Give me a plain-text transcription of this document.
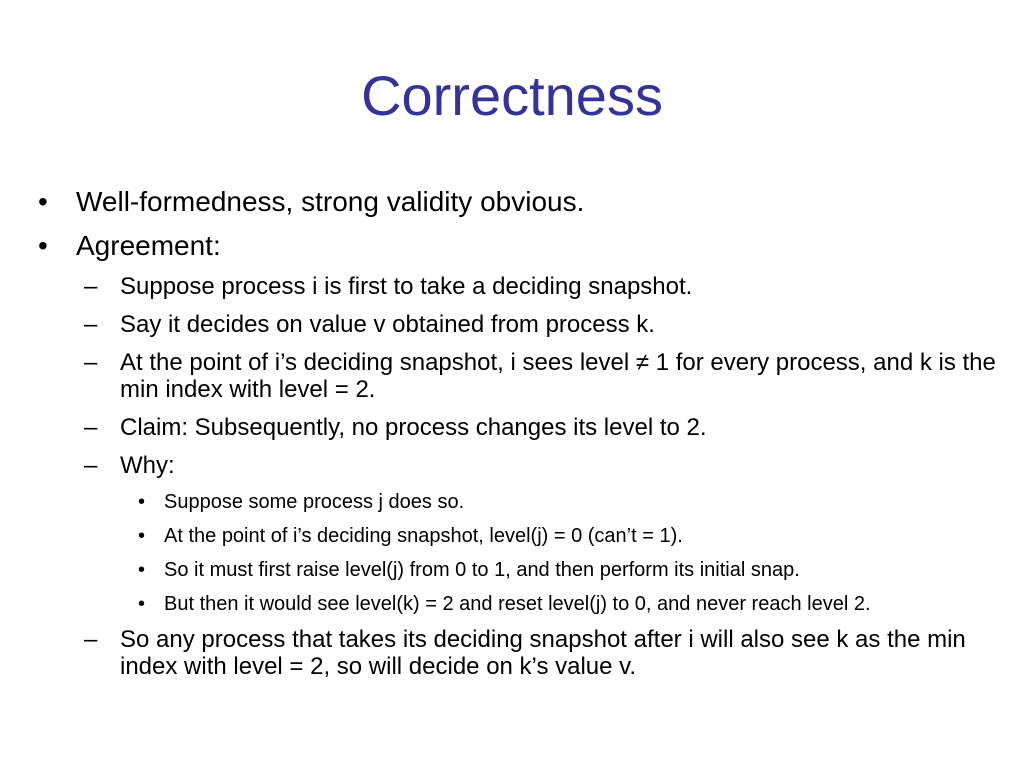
Correctness
• Well-formedness, strong validity obvious.
• Agreement:
– Suppose process i is first to take a deciding snapshot.
– Say it decides on value v obtained from process k.
– At the point of i’s deciding snapshot, i sees level ≠ 1 for every process, and k is the min index with level = 2.
– Claim: Subsequently, no process changes its level to 2.
– Why:
• Suppose some process j does so.
• At the point of i’s deciding snapshot, level(j) = 0 (can’t = 1).
• So it must first raise level(j) from 0 to 1, and then perform its initial snap.
• But then it would see level(k) = 2 and reset level(j) to 0, and never reach level 2.
– So any process that takes its deciding snapshot after i will also see k as the min index with level = 2, so will decide on k’s value v.
